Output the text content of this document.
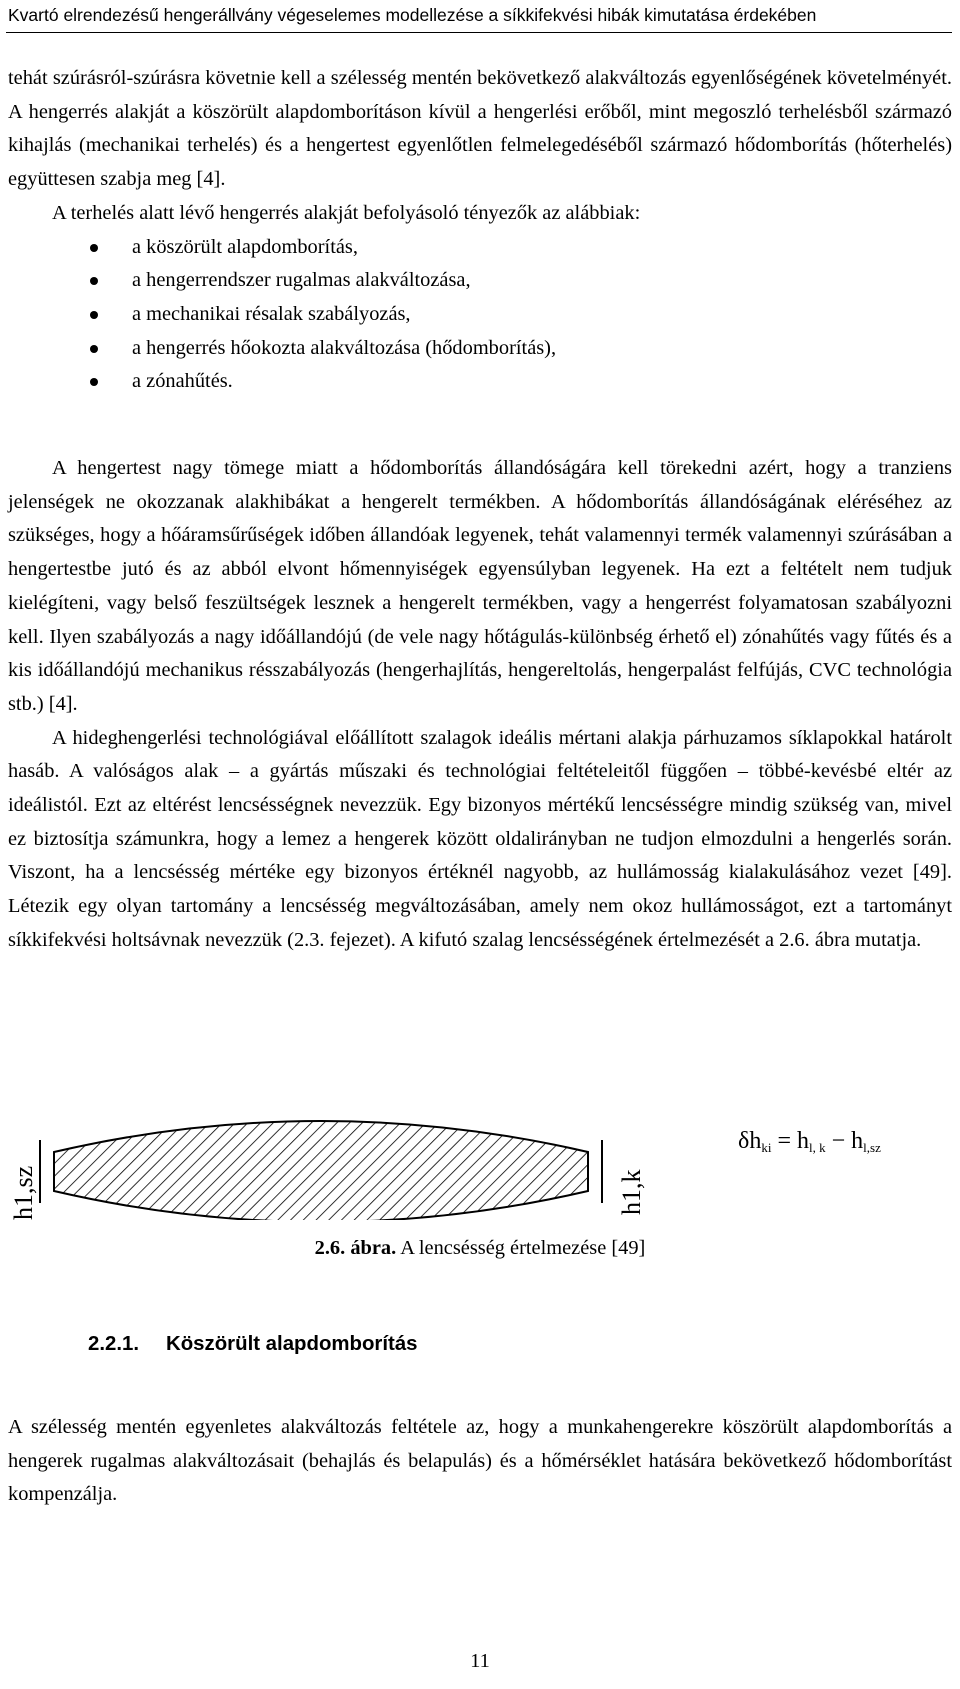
Kvartó elrendezésű hengerállvány végeselemes modellezése a síkkifekvési hibák kimutatása érdekében

tehát szúrásról-szúrásra követnie kell a szélesség mentén bekövetkező alakváltozás egyenlőségének követelményét. A hengerrés alakját a köszörült alapdomborításon kívül a hengerlési erőből, mint megoszló terhelésből származó kihajlás (mechanikai terhelés) és a hengertest egyenlőtlen felmelegedéséből származó hődomborítás (hőterhelés) együttesen szabja meg [4].

A terhelés alatt lévő hengerrés alakját befolyásoló tényezők az alábbiak:

a köszörült alapdomborítás,
a hengerrendszer rugalmas alakváltozása,
a mechanikai résalak szabályozás,
a hengerrés hőokozta alakváltozása (hődomborítás),
a zónahűtés.

A hengertest nagy tömege miatt a hődomborítás állandóságára kell törekedni azért, hogy a tranziens jelenségek ne okozzanak alakhibákat a hengerelt termékben. A hődomborítás állandóságának eléréséhez az szükséges, hogy a hőáramsűrűségek időben állandóak legyenek, tehát valamennyi termék valamennyi szúrásában a hengertestbe jutó és az abból elvont hőmennyiségek egyensúlyban legyenek. Ha ezt a feltételt nem tudjuk kielégíteni, vagy belső feszültségek lesznek a hengerelt termékben, vagy a hengerrést folyamatosan szabályozni kell. Ilyen szabályozás a nagy időállandójú (de vele nagy hőtágulás-különbség érhető el) zónahűtés vagy fűtés és a kis időállandójú mechanikus résszabályozás (hengerhajlítás, hengereltolás, hengerpalást felfújás, CVC technológia stb.) [4].

A hideghengerlési technológiával előállított szalagok ideális mértani alakja párhuzamos síklapokkal határolt hasáb. A valóságos alak – a gyártás műszaki és technológiai feltételeitől függően – többé-kevésbé eltér az ideálistól. Ezt az eltérést lencsésségnek nevezzük. Egy bizonyos mértékű lencsésségre mindig szükség van, mivel ez biztosítja számunkra, hogy a lemez a hengerek között oldalirányban ne tudjon elmozdulni a hengerlés során. Viszont, ha a lencsésség mértéke egy bizonyos értéknél nagyobb, az hullámosság kialakulásához vezet [49]. Létezik egy olyan tartomány a lencsésség megváltozásában, amely nem okoz hullámosságot, ezt a tartományt síkkifekvési holtsávnak nevezzük (2.3. fejezet). A kifutó szalag lencsésségének értelmezését a 2.6. ábra mutatja.

h1,sz	h1,k
$\delta h_{ki} = h_{l, k} - h_{l,sz}$
2.6. ábra. A lencsésség értelmezése [49]
2.2.1. Köszörült alapdomborítás

A szélesség mentén egyenletes alakváltozás feltétele az, hogy a munkahengerekre köszörült alapdomborítás a hengerek rugalmas alakváltozásait (behajlás és belapulás) és a hőmérséklet hatására bekövetkező hődomborítást kompenzálja.

11
